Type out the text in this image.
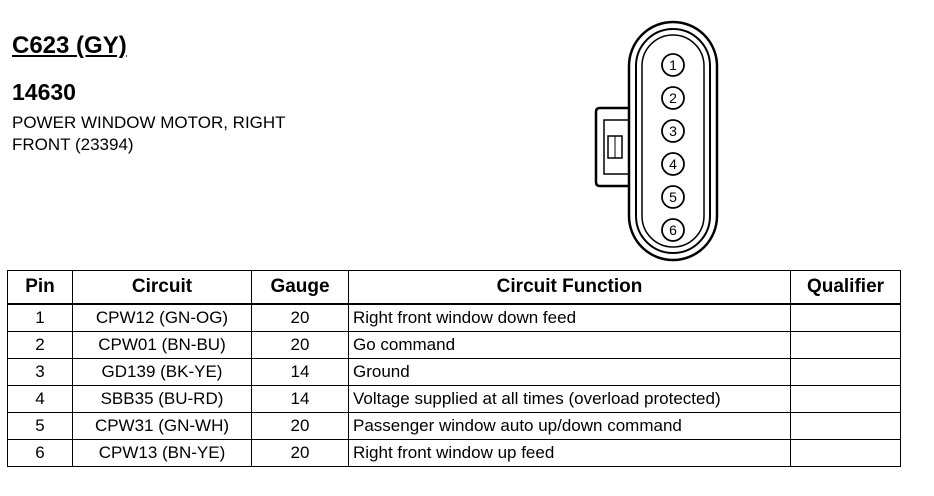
C623 (GY)
14630
POWER WINDOW MOTOR, RIGHT
FRONT (23394)
1
2
3
4
5
6
Pin	Circuit	Gauge	Circuit Function	Qualifier
1	CPW12 (GN-OG)	20	Right front window down feed	
2	CPW01 (BN-BU)	20	Go command	
3	GD139 (BK-YE)	14	Ground	
4	SBB35 (BU-RD)	14	Voltage supplied at all times (overload protected)	
5	CPW31 (GN-WH)	20	Passenger window auto up/down command	
6	CPW13 (BN-YE)	20	Right front window up feed	
